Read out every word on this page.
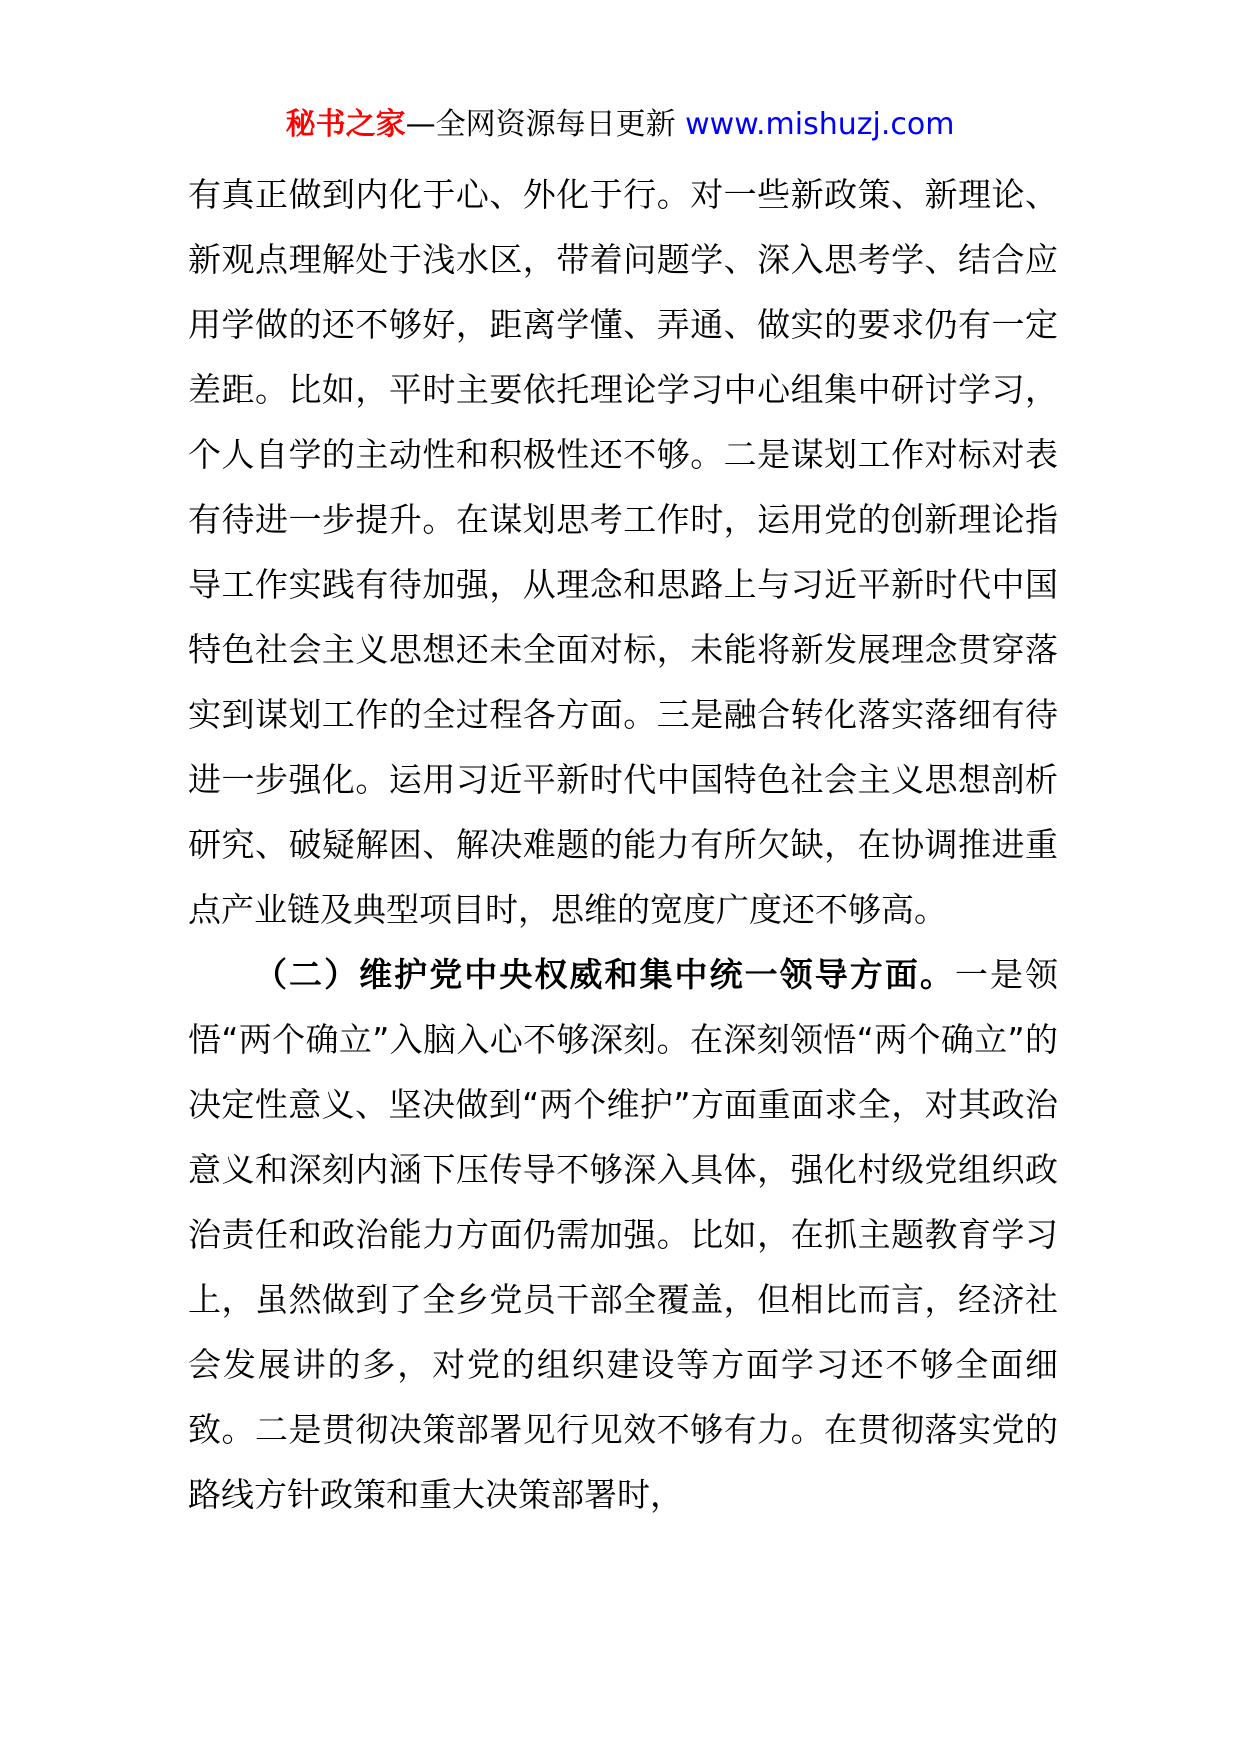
秘书之家—全网资源每日更新 www.mishuzj.com

有真正做到内化于心、外化于行。对一些新政策、新理论、新观点理解处于浅水区，带着问题学、深入思考学、结合应用学做的还不够好，距离学懂、弄通、做实的要求仍有一定差距。比如，平时主要依托理论学习中心组集中研讨学习，个人自学的主动性和积极性还不够。二是谋划工作对标对表有待进一步提升。在谋划思考工作时，运用党的创新理论指导工作实践有待加强，从理念和思路上与习近平新时代中国特色社会主义思想还未全面对标，未能将新发展理念贯穿落实到谋划工作的全过程各方面。三是融合转化落实落细有待进一步强化。运用习近平新时代中国特色社会主义思想剖析研究、破疑解困、解决难题的能力有所欠缺，在协调推进重点产业链及典型项目时，思维的宽度广度还不够高。

（二）维护党中央权威和集中统一领导方面。一是领悟“两个确立”入脑入心不够深刻。在深刻领悟“两个确立”的决定性意义、坚决做到“两个维护”方面重面求全，对其政治意义和深刻内涵下压传导不够深入具体，强化村级党组织政治责任和政治能力方面仍需加强。比如，在抓主题教育学习上，虽然做到了全乡党员干部全覆盖，但相比而言，经济社会发展讲的多，对党的组织建设等方面学习还不够全面细致。二是贯彻决策部署见行见效不够有力。在贯彻落实党的路线方针政策和重大决策部署时，
